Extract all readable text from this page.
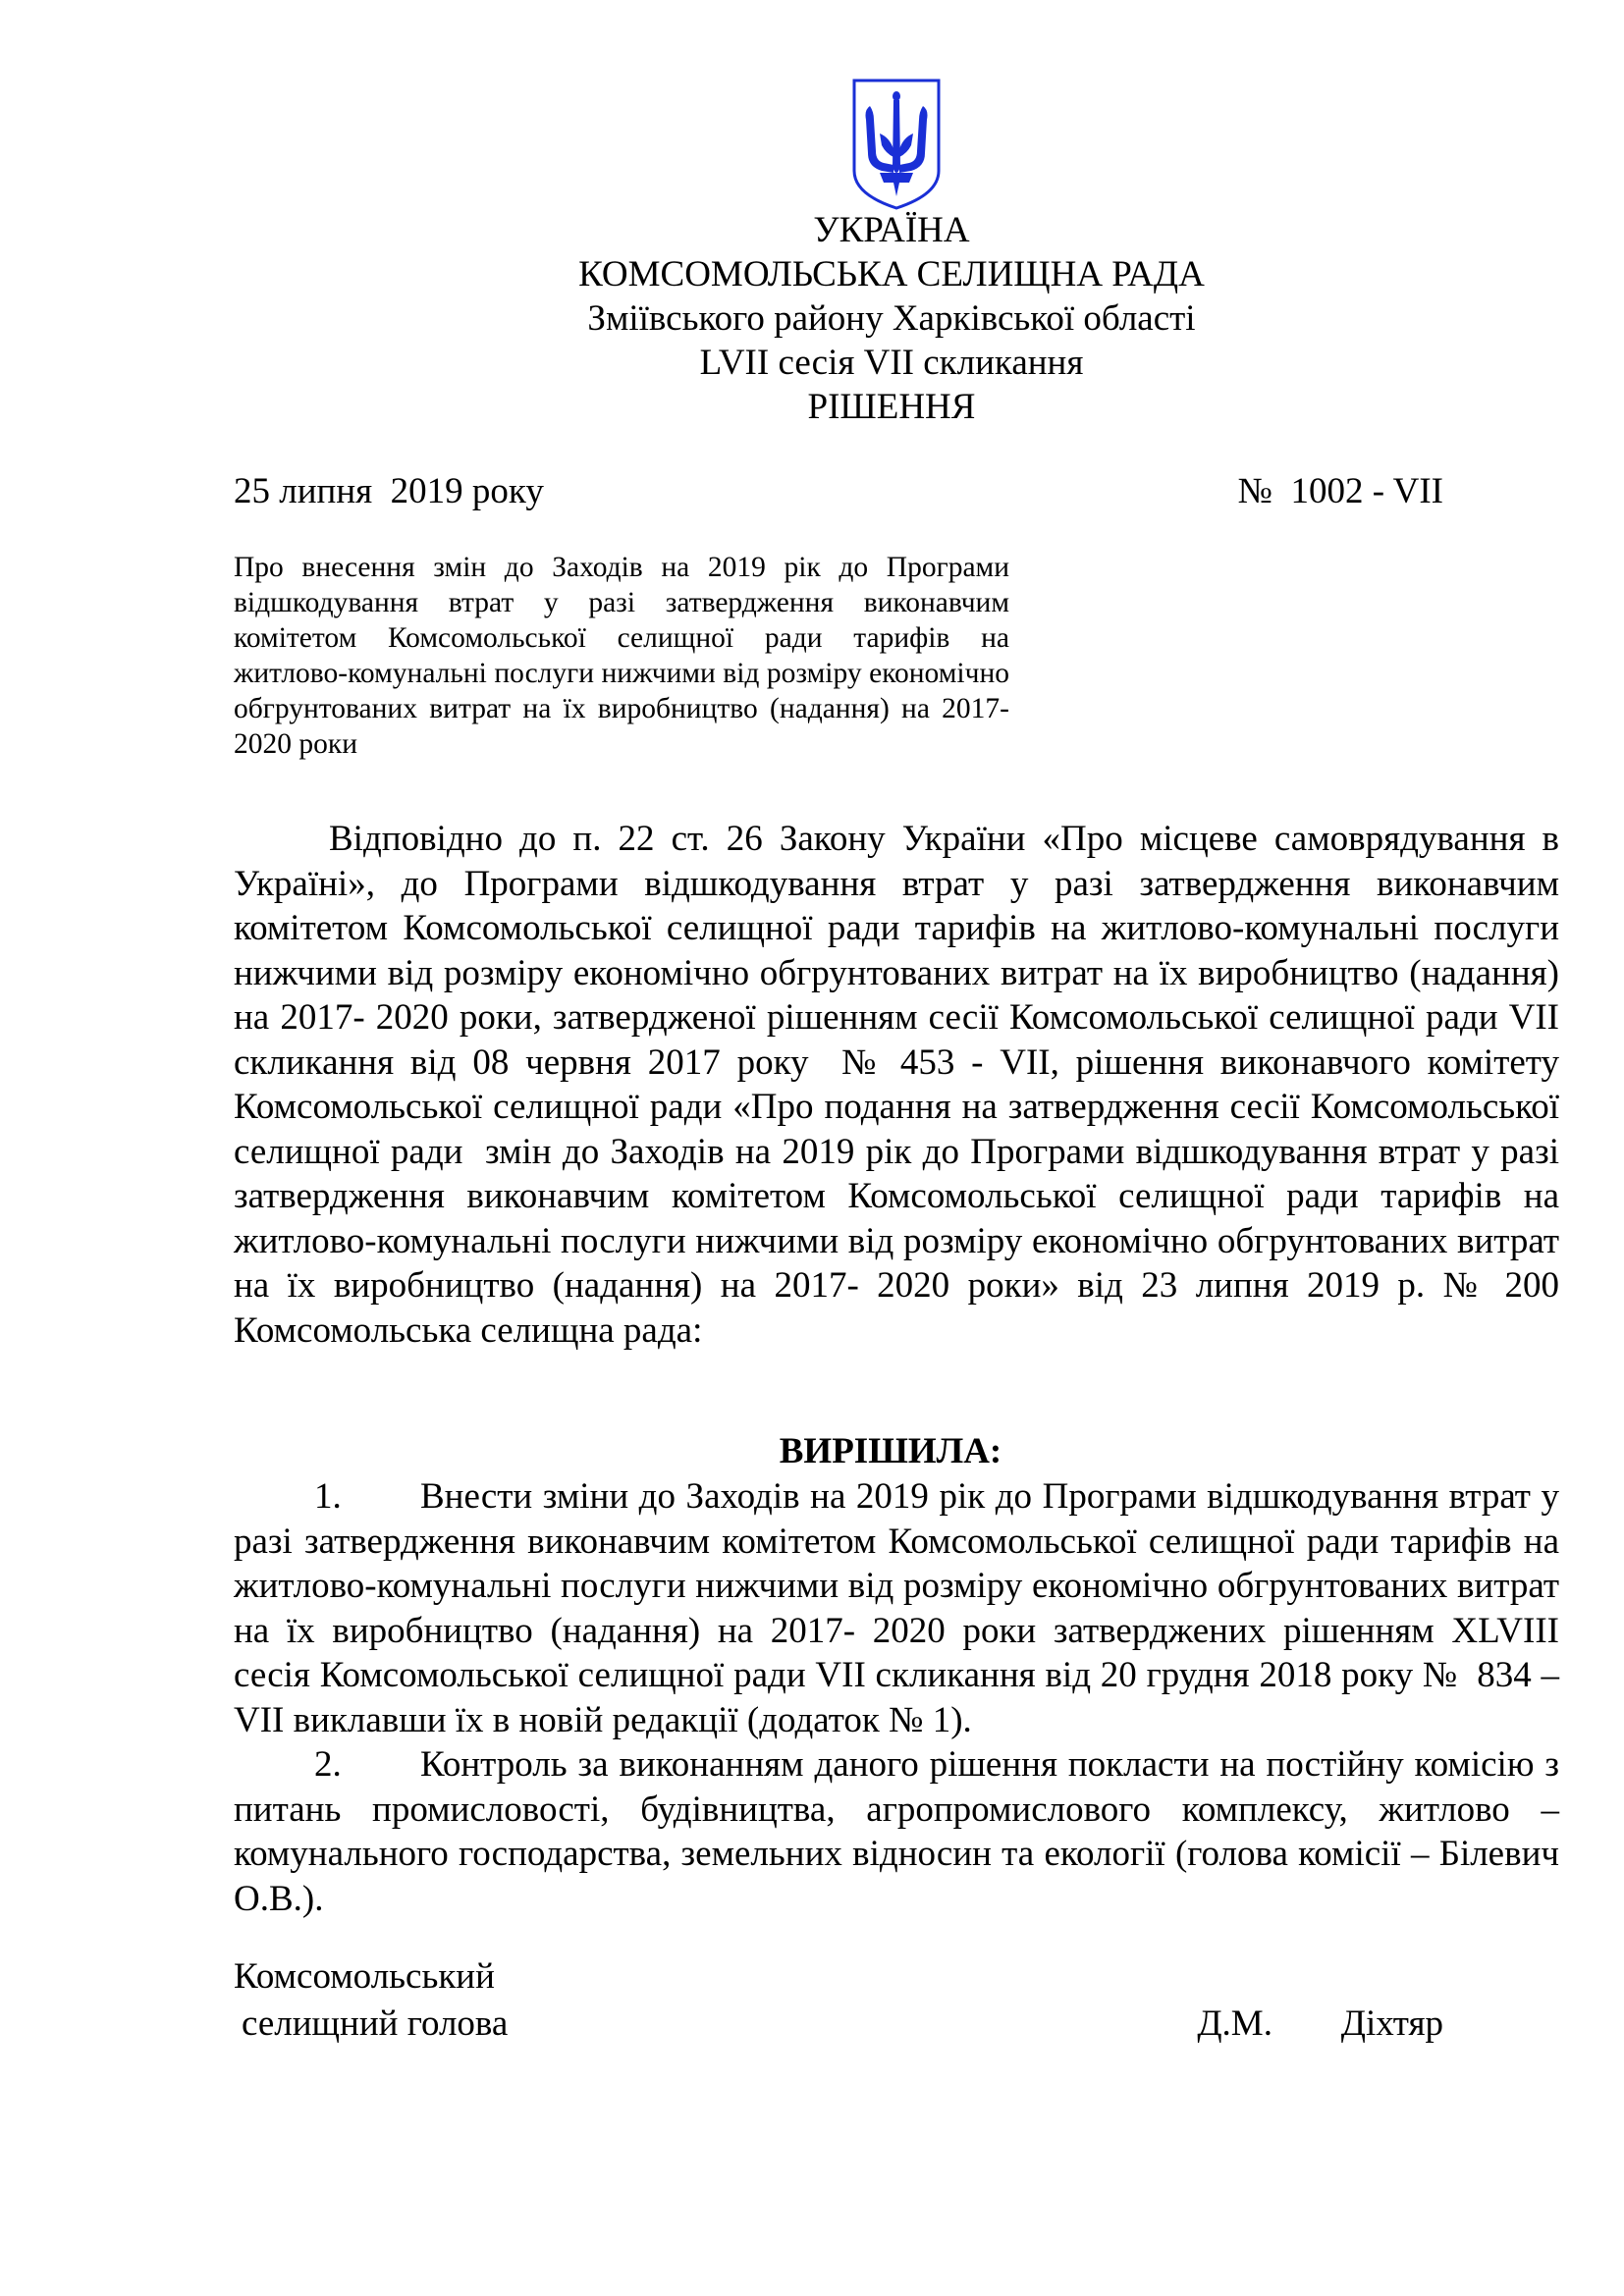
УКРАЇНА
КОМСОМОЛЬСЬКА СЕЛИЩНА РАДА
Зміївського району Харківської області
LVII сесія VII скликання
РІШЕННЯ
25 липня  2019 року	№  1002 - VII
Про внесення змін до Заходів на 2019 рік до Програми відшкодування втрат у разі затвердження виконавчим комітетом Комсомольської селищної ради тарифів на житлово-комунальні послуги нижчими від розміру економічно обгрунтованих витрат на їх виробництво (надання) на 2017- 2020 роки
Відповідно до п. 22 ст. 26 Закону України «Про місцеве самоврядування в Україні», до Програми відшкодування втрат у разі затвердження виконавчим комітетом Комсомольської селищної ради тарифів на житлово-комунальні послуги нижчими від розміру економічно обгрунтованих витрат на їх виробництво (надання) на 2017- 2020 роки, затвердженої рішенням сесії Комсомольської селищної ради VII скликання від 08 червня 2017 року  № 453 - VII, рішення виконавчого комітету Комсомольської селищної ради «Про подання на затвердження сесії Комсомольської селищної ради  змін до Заходів на 2019 рік до Програми відшкодування втрат у разі затвердження виконавчим комітетом Комсомольської селищної ради тарифів на житлово-комунальні послуги нижчими від розміру економічно обгрунтованих витрат на їх виробництво (надання) на 2017- 2020 роки» від 23 липня 2019 р. № 200 Комсомольська селищна рада:
ВИРІШИЛА:

1. Внести зміни до Заходів на 2019 рік до Програми відшкодування втрат у разі затвердження виконавчим комітетом Комсомольської селищної ради тарифів на житлово-комунальні послуги нижчими від розміру економічно обгрунтованих витрат на їх виробництво (надання) на 2017- 2020 роки затверджених рішенням XLVIII сесія Комсомольської селищної ради VII скликання від 20 грудня 2018 року №  834 – VII виклавши їх в новій редакції (додаток № 1).

2. Контроль за виконанням даного рішення покласти на постійну комісію з питань промисловості, будівництва, агропромислового комплексу, житлово – комунального господарства, земельних відносин та екології (голова комісії – Білевич О.В.).

Комсомольський
селищний голова	Д.М.   Діхтяр
